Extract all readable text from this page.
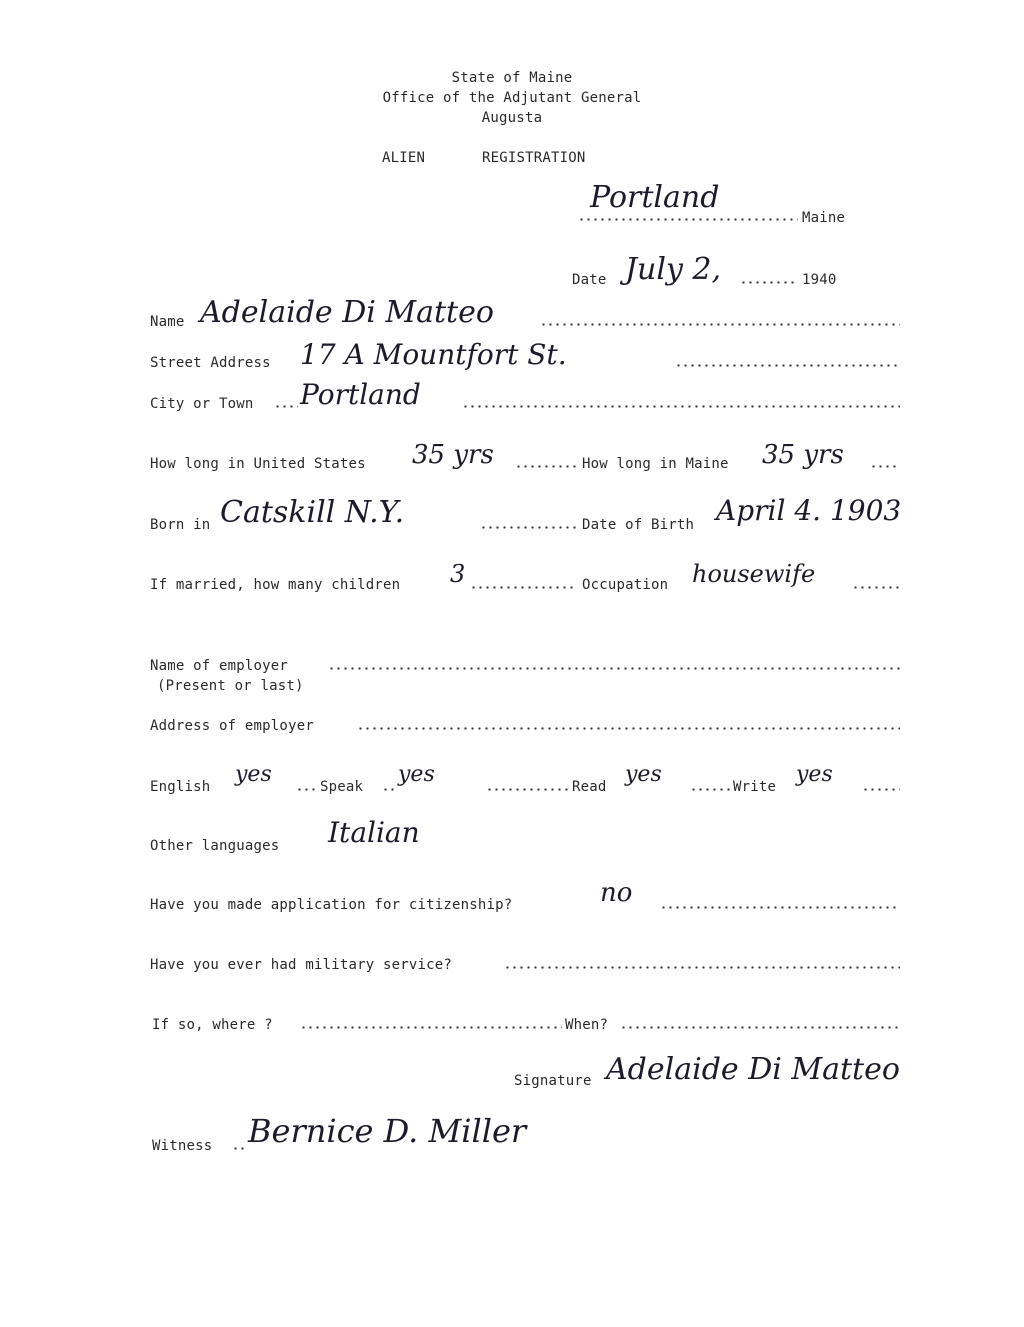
State of Maine
Office of the Adjutant General
Augusta
ALIEN	REGISTRATION
Portland
Maine
Date July 2,	1940
Name Adelaide Di Matteo
Street Address 17 A Mountfort St.
City or Town Portland
How long in United States 35 yrs	How long in Maine 35 yrs
Born in Catskill N.Y.	Date of Birth April 4. 1903
If married, how many children 3	Occupation housewife
Name of employer
(Present or last)
Address of employer
English yes	Speak yes	Read yes	Write yes
Other languages Italian
Have you made application for citizenship?	no
Have you ever had military service?
If so, where ?	When?
Signature Adelaide Di Matteo
Witness Bernice D. Miller
